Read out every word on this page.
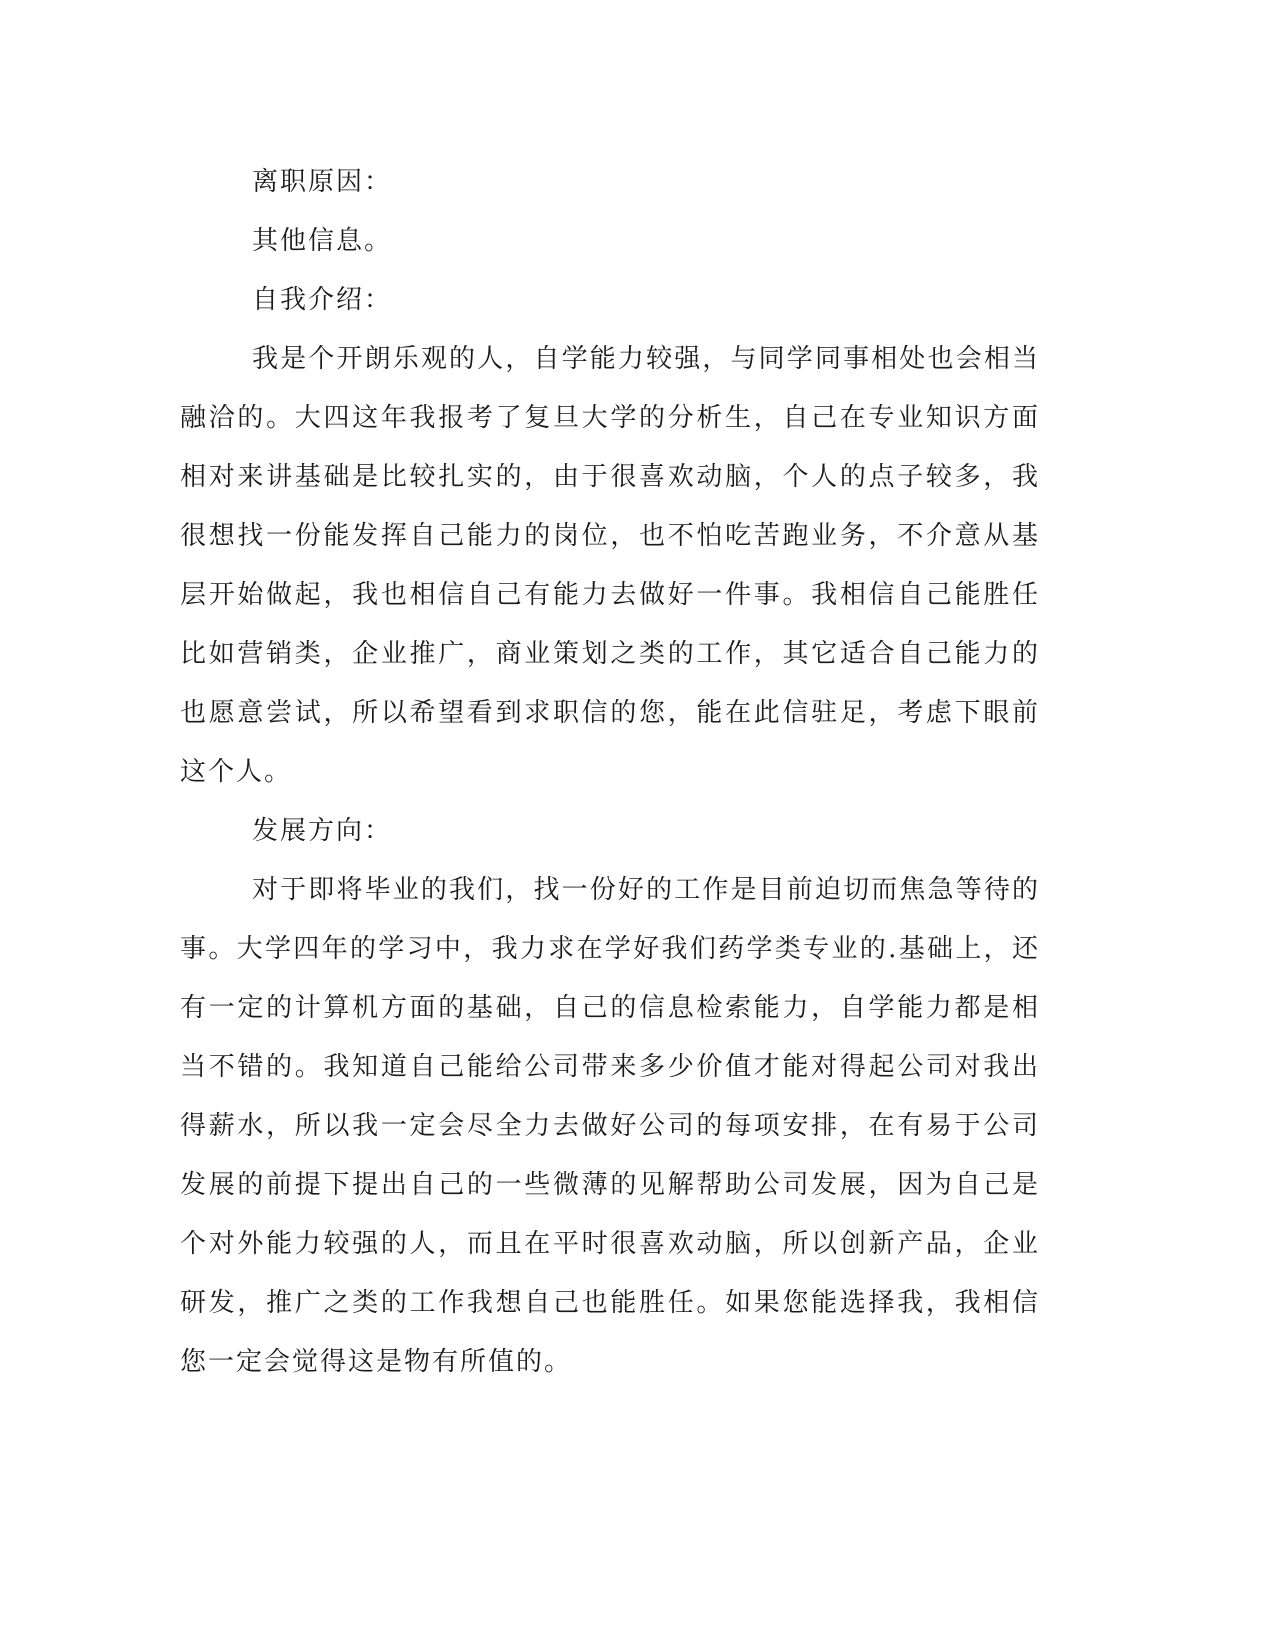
离职原因：
其他信息。
自我介绍：

我是个开朗乐观的人，自学能力较强，与同学同事相处也会相当融洽的。大四这年我报考了复旦大学的分析生，自己在专业知识方面相对来讲基础是比较扎实的，由于很喜欢动脑，个人的点子较多，我很想找一份能发挥自己能力的岗位，也不怕吃苦跑业务，不介意从基层开始做起，我也相信自己有能力去做好一件事。我相信自己能胜任比如营销类，企业推广，商业策划之类的工作，其它适合自己能力的也愿意尝试，所以希望看到求职信的您，能在此信驻足，考虑下眼前这个人。

发展方向：

对于即将毕业的我们，找一份好的工作是目前迫切而焦急等待的事。大学四年的学习中，我力求在学好我们药学类专业的.基础上，还有一定的计算机方面的基础，自己的信息检索能力，自学能力都是相当不错的。我知道自己能给公司带来多少价值才能对得起公司对我出得薪水，所以我一定会尽全力去做好公司的每项安排，在有易于公司发展的前提下提出自己的一些微薄的见解帮助公司发展，因为自己是个对外能力较强的人，而且在平时很喜欢动脑，所以创新产品，企业研发，推广之类的工作我想自己也能胜任。如果您能选择我，我相信您一定会觉得这是物有所值的。
